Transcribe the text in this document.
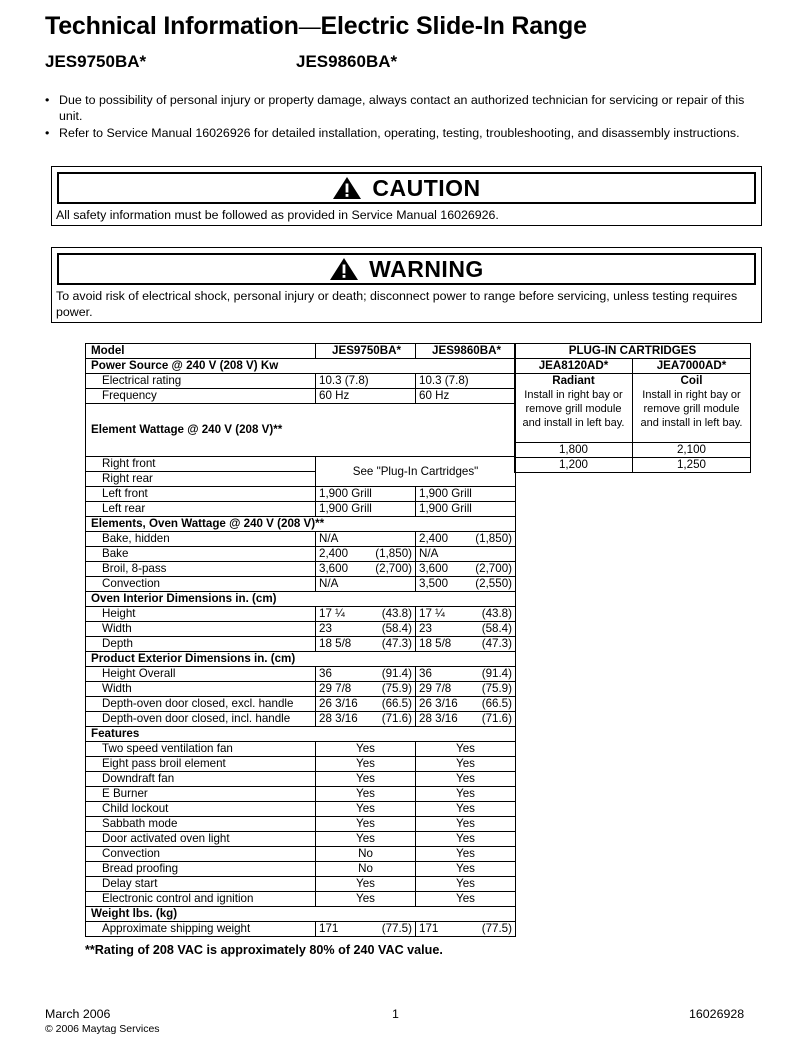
Technical Information—Electric Slide-In Range
JES9750BA*	JES9860BA*
• Due to possibility of personal injury or property damage, always contact an authorized technician for servicing or repair of this unit.
• Refer to Service Manual 16026926 for detailed installation, operating, testing, troubleshooting, and disassembly instructions.
CAUTION
All safety information must be followed as provided in Service Manual 16026926.
WARNING
To avoid risk of electrical shock, personal injury or death; disconnect power to range before servicing, unless testing requires power.
Model	JES9750BA*	JES9860BA*
Power Source @ 240 V (208 V) Kw		
Electrical rating	10.3 (7.8)	10.3 (7.8)
Frequency	60 Hz	60 Hz
Element Wattage @ 240 V (208 V)**		
Right front	See "Plug-In Cartridges"	
Right rear		
Left front	1,900 Grill	1,900 Grill
Left rear	1,900 Grill	1,900 Grill
Elements, Oven Wattage @ 240 V (208 V)**		
Bake, hidden	N/A	2,400 (1,850)

Bake	2,400 (1,850)	N/A

Broil, 8-pass	3,600 (2,700)	3,600 (2,700)

Convection	N/A	3,500 (2,550)

Oven Interior Dimensions in. (cm)		
Height	17 ¼ (43.8)	17 ¼ (43.8)

Width	23 (58.4)	23 (58.4)

Depth	18 5/8 (47.3)	18 5/8 (47.3)

Product Exterior Dimensions in. (cm)		
Height Overall	36 (91.4)	36 (91.4)

Width	29 7/8 (75.9)	29 7/8 (75.9)

Depth-oven door closed, excl. handle	26 3/16 (66.5)	26 3/16 (66.5)

Depth-oven door closed, incl. handle	28 3/16 (71.6)	28 3/16 (71.6)

Features		
Two speed ventilation fan	Yes	Yes
Eight pass broil element	Yes	Yes
Downdraft fan	Yes	Yes
E Burner	Yes	Yes
Child lockout	Yes	Yes
Sabbath mode	Yes	Yes
Door activated oven light	Yes	Yes
Convection	No	Yes
Bread proofing	No	Yes
Delay start	Yes	Yes
Electronic control and ignition	Yes	Yes
Weight lbs. (kg)		
Approximate shipping weight	171 (77.5)	171 (77.5)
PLUG-IN CARTRIDGES	
JEA8120AD*	JEA7000AD*
Radiant	Coil
Install in right bay or remove grill module and install in left bay.	Install in right bay or remove grill module and install in left bay.
1,800	2,100
1,200	1,250
**Rating of 208 VAC is approximately 80% of 240 VAC value.
March 2006	1	16026928
© 2006 Maytag Services
